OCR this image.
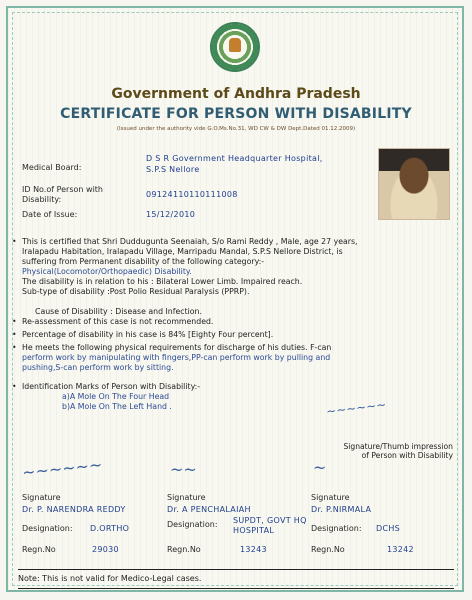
Government of Andhra Pradesh
CERTIFICATE FOR PERSON WITH DISABILITY
(Issued under the authority vide G.O.Ms.No.31, WD CW & DW Dept.Dated 01.12.2009)
Medical Board:
D S R Government Headquarter Hospital, S.P.S Nellore
ID No.of Person with Disability:
09124110110111008
Date of Issue:	15/12/2010
• This is certified that Shri Duddugunta Seenaiah, S/o Rami Reddy , Male, age 27 years,
Iralapadu Habitation, Iralapadu Village, Marripadu Mandal, S.P.S Nellore District, is
suffering from Permanent disability of the following category:-
Physical(Locomotor/Orthopaedic) Disability.
The disability is in relation to his : Bilateral Lower Limb. Impaired reach.
Sub-type of disability :Post Polio Residual Paralysis (PPRP).
Cause of Disability : Disease and Infection.
• Re-assessment of this case is not recommended.
• Percentage of disability in his case is 84% [Eighty Four percent].
• He meets the following physical requirements for discharge of his duties. F-can
perform work by manipulating with fingers,PP-can perform work by pulling and
pushing,S-can perform work by sitting.
• Identification Marks of Person with Disability:-
a)A Mole On The Four Head
b)A Mole On The Left Hand .	~~~~~~
Signature/Thumb impression
of Person with Disability
~~~~~~	~~	~
Signature	Signature	Signature
Dr. P. NARENDRA REDDY	Dr. A PENCHALAIAH	Dr. P.NIRMALA
Designation: D.ORTHO	Designation: SUPDT, GOVT HQ HOSPITAL	Designation: DCHS
Regn.No	29030	Regn.No	13243	Regn.No	13242
Note: This is not valid for Medico-Legal cases.
